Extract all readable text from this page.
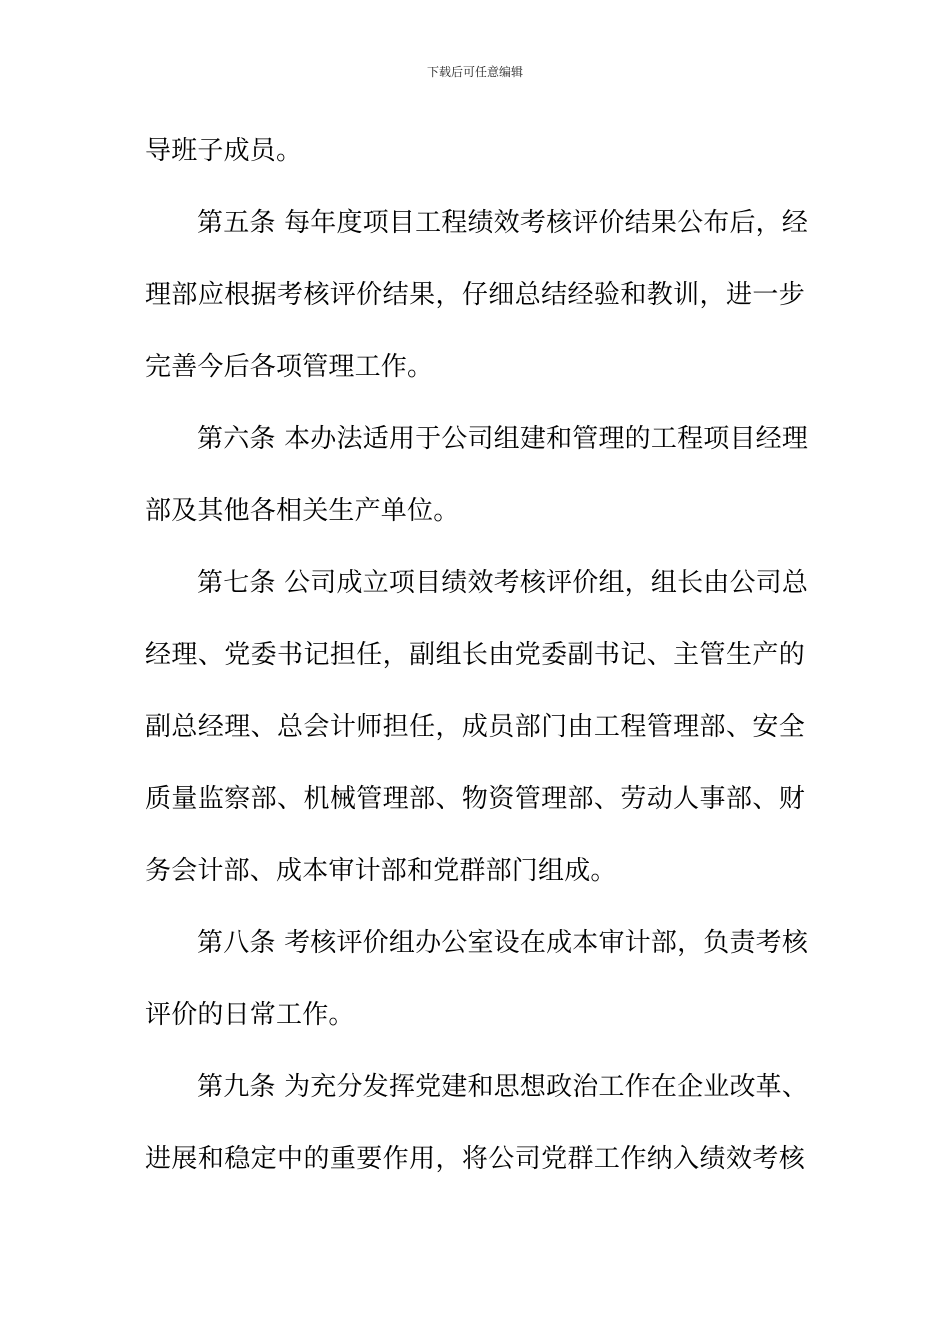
下载后可任意编辑
导班子成员。
第五条 每年度项目工程绩效考核评价结果公布后，经
理部应根据考核评价结果，仔细总结经验和教训，进一步
完善今后各项管理工作。
第六条 本办法适用于公司组建和管理的工程项目经理
部及其他各相关生产单位。
第七条 公司成立项目绩效考核评价组，组长由公司总
经理、党委书记担任，副组长由党委副书记、主管生产的
副总经理、总会计师担任，成员部门由工程管理部、安全
质量监察部、机械管理部、物资管理部、劳动人事部、财
务会计部、成本审计部和党群部门组成。
第八条 考核评价组办公室设在成本审计部，负责考核
评价的日常工作。
第九条 为充分发挥党建和思想政治工作在企业改革、
进展和稳定中的重要作用，将公司党群工作纳入绩效考核
